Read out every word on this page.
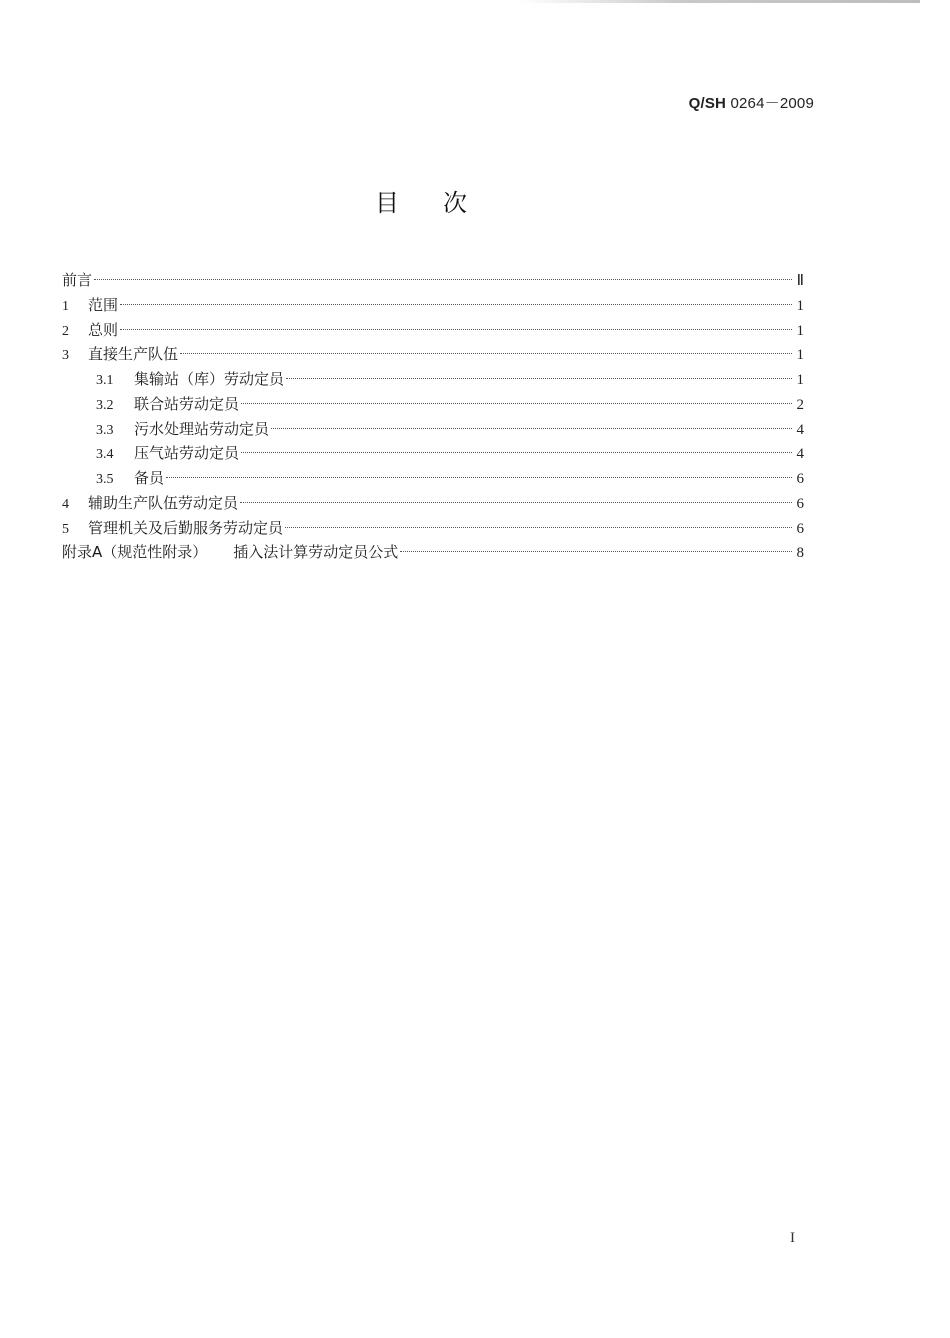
Q/SH 0264－2009
目次
前言	Ⅱ
1	范围	1
2	总则	1
3	直接生产队伍	1
3.1	集输站（库）劳动定员	1
3.2	联合站劳动定员	2
3.3	污水处理站劳动定员	4
3.4	压气站劳动定员	4
3.5	备员	6
4	辅助生产队伍劳动定员	6
5	管理机关及后勤服务劳动定员	6
附录A（规范性附录） 插入法计算劳动定员公式	8
I
